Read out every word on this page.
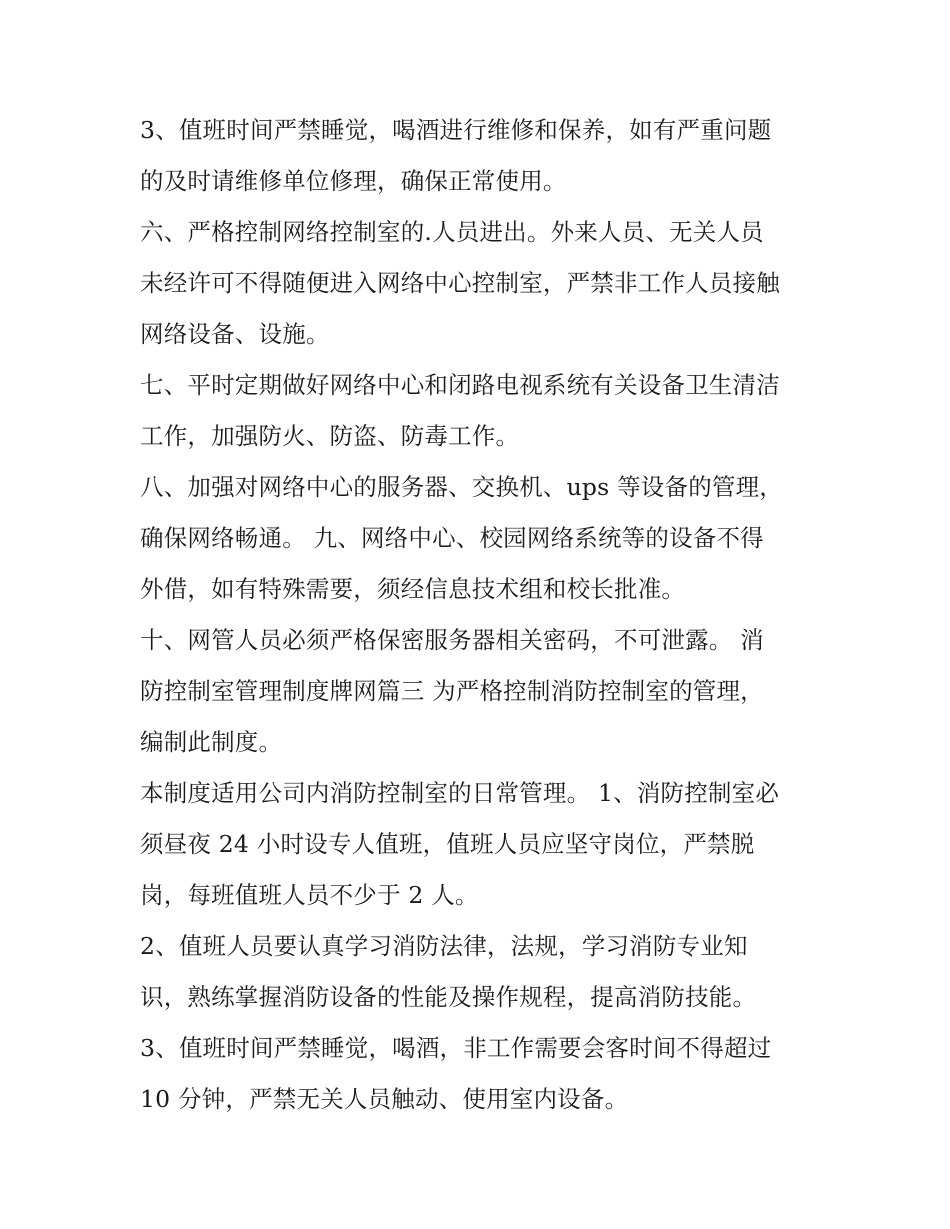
3、值班时间严禁睡觉，喝酒进行维修和保养，如有严重问题
的及时请维修单位修理，确保正常使用。
六、严格控制网络控制室的.人员进出。外来人员、无关人员
未经许可不得随便进入网络中心控制室，严禁非工作人员接触
网络设备、设施。
七、平时定期做好网络中心和闭路电视系统有关设备卫生清洁
工作，加强防火、防盗、防毒工作。
八、加强对网络中心的服务器、交换机、ups 等设备的管理，
确保网络畅通。 九、网络中心、校园网络系统等的设备不得
外借，如有特殊需要，须经信息技术组和校长批准。
十、网管人员必须严格保密服务器相关密码，不可泄露。 消
防控制室管理制度牌网篇三 为严格控制消防控制室的管理，
编制此制度。
本制度适用公司内消防控制室的日常管理。 1、消防控制室必
须昼夜 24 小时设专人值班，值班人员应坚守岗位，严禁脱
岗，每班值班人员不少于 2 人。
2、值班人员要认真学习消防法律，法规，学习消防专业知
识，熟练掌握消防设备的性能及操作规程，提高消防技能。
3、值班时间严禁睡觉，喝酒，非工作需要会客时间不得超过
10 分钟，严禁无关人员触动、使用室内设备。
